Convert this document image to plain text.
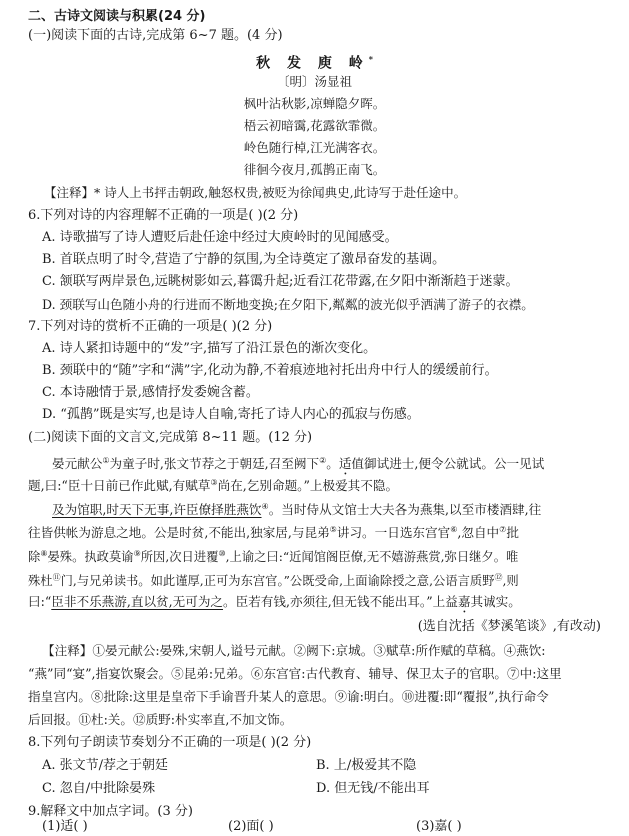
二、古诗文阅读与积累(24 分)
(一)阅读下面的古诗,完成第 6~7 题。(4 分)
秋 发 庾 岭*
〔明〕汤显祖
枫叶沾秋影,凉蝉隐夕晖。
梧云初暗霭,花露欲霏微。
岭色随行棹,江光满客衣。
徘徊今夜月,孤鹊正南飞。
【注释】* 诗人上书抨击朝政,触怒权贵,被贬为徐闻典史,此诗写于赴任途中。
6.下列对诗的内容理解不正确的一项是( )(2 分)
A. 诗歌描写了诗人遭贬后赴任途中经过大庾岭时的见闻感受。
B. 首联点明了时令,营造了宁静的氛围,为全诗奠定了激昂奋发的基调。
C. 颔联写两岸景色,远眺树影如云,暮霭升起;近看江花带露,在夕阳中渐渐趋于迷蒙。
D. 颈联写山色随小舟的行进而不断地变换;在夕阳下,粼粼的波光似乎洒满了游子的衣襟。
7.下列对诗的赏析不正确的一项是( )(2 分)
A. 诗人紧扣诗题中的“发”字,描写了沿江景色的渐次变化。
B. 颈联中的“随”字和“满”字,化动为静,不着痕迹地衬托出舟中行人的缓缓前行。
C. 本诗融情于景,感情抒发委婉含蓄。
D. “孤鹊”既是实写,也是诗人自喻,寄托了诗人内心的孤寂与伤感。
(二)阅读下面的文言文,完成第 8~11 题。(12 分)
晏元献公①为童子时,张文节荐之于朝廷,召至阙下②。适值御试进士,便令公就试。公一见试
题,曰:“臣十日前已作此赋,有赋草③尚在,乞别命题。”上极爱其不隐。
及为馆职,时天下无事,许臣僚择胜燕饮④。当时侍从文馆士大夫各为燕集,以至市楼酒肆,往
往皆供帐为游息之地。公是时贫,不能出,独家居,与昆弟⑤讲习。一日选东宫官⑥,忽自中⑦批
除⑧晏殊。执政莫谕⑨所因,次日进覆⑩,上谕之曰:“近闻馆阁臣僚,无不嬉游燕赏,弥日继夕。唯
殊杜⑪门,与兄弟读书。如此谨厚,正可为东宫官。”公既受命,上面谕除授之意,公语言质野⑫,则
曰:“臣非不乐燕游,直以贫,无可为之。臣若有钱,亦须往,但无钱不能出耳。”上益嘉其诚实。
(选自沈括《梦溪笔谈》,有改动)
【注释】①晏元献公:晏殊,宋朝人,谥号元献。②阙下:京城。③赋草:所作赋的草稿。④燕饮:
“燕”同“宴”,指宴饮聚会。⑤昆弟:兄弟。⑥东宫官:古代教育、辅导、保卫太子的官职。⑦中:这里
指皇宫内。⑧批除:这里是皇帝下手谕晋升某人的意思。⑨谕:明白。⑩进覆:即“覆报”,执行命令
后回报。⑪杜:关。⑫质野:朴实率直,不加文饰。
8.下列句子朗读节奏划分不正确的一项是( )(2 分)
A. 张文节/荐之于朝廷	B. 上/极爱其不隐
C. 忽自/中批除晏殊	D. 但无钱/不能出耳
9.解释文中加点字词。(3 分)
(1)适( )	(2)面( )	(3)嘉( )
